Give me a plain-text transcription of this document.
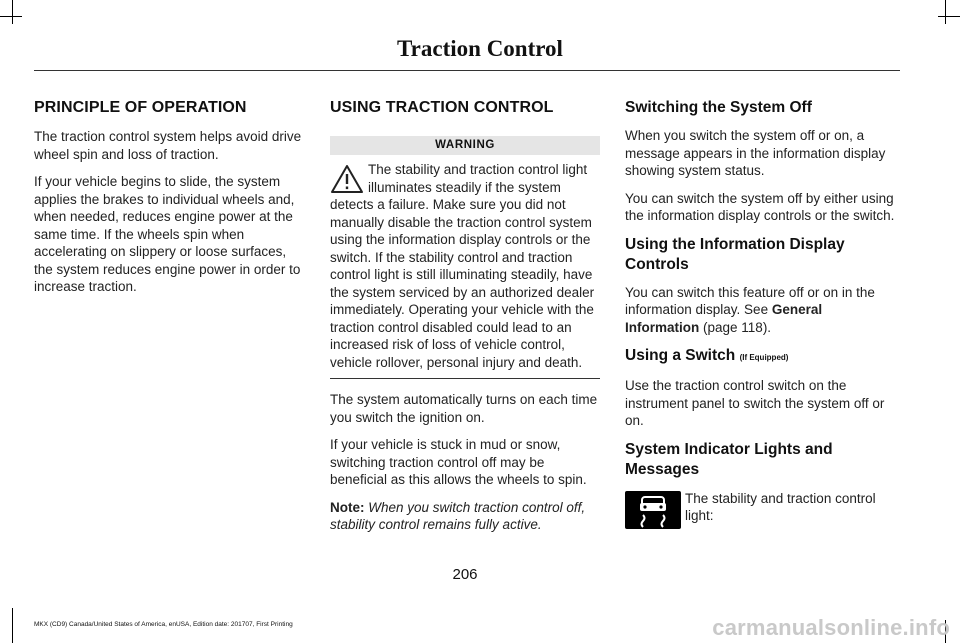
Traction Control
PRINCIPLE OF OPERATION

The traction control system helps avoid drive wheel spin and loss of traction.

If your vehicle begins to slide, the system applies the brakes to individual wheels and, when needed, reduces engine power at the same time. If the wheels spin when accelerating on slippery or loose surfaces, the system reduces engine power in order to increase traction.

USING TRACTION CONTROL
WARNING
The stability and traction control light illuminates steadily if the system detects a failure. Make sure you did not manually disable the traction control system using the information display controls or the switch. If the stability control and traction control light is still illuminating steadily, have the system serviced by an authorized dealer immediately. Operating your vehicle with the traction control disabled could lead to an increased risk of loss of vehicle control, vehicle rollover, personal injury and death.

The system automatically turns on each time you switch the ignition on.

If your vehicle is stuck in mud or snow, switching traction control off may be beneficial as this allows the wheels to spin.

Note: When you switch traction control off, stability control remains fully active.

Switching the System Off

When you switch the system off or on, a message appears in the information display showing system status.

You can switch the system off by either using the information display controls or the switch.

Using the Information Display Controls

You can switch this feature off or on in the information display. See General Information (page 118).

Using a Switch (If Equipped)

Use the traction control switch on the instrument panel to switch the system off or on.

System Indicator Lights and Messages
The stability and traction control light:
206
MKX (CD9) Canada/United States of America, enUSA, Edition date: 201707, First Printing	carmanualsonline.info
